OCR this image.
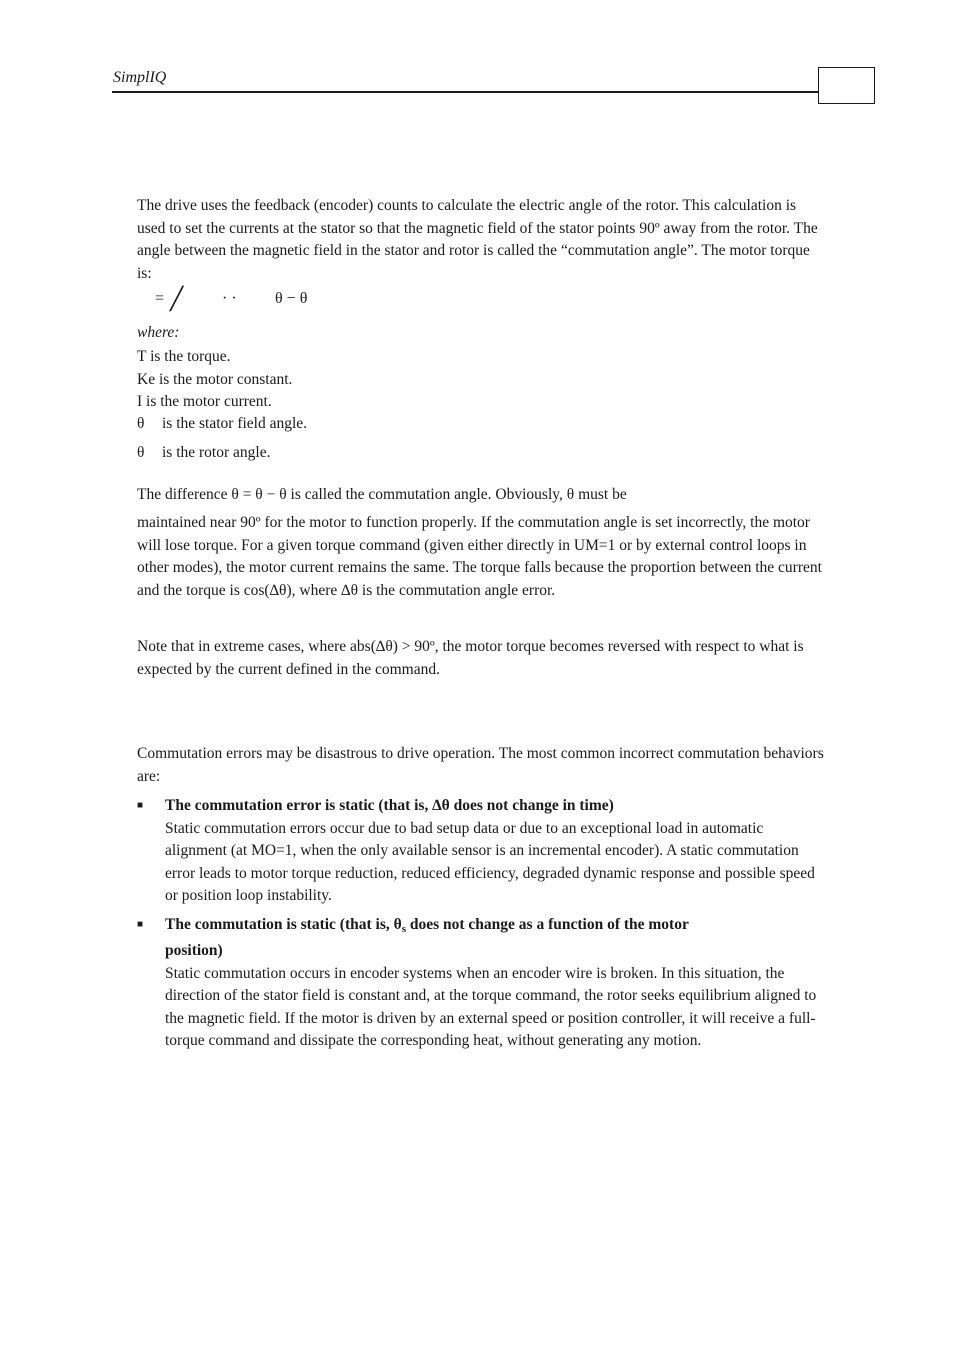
SimplIQ
The drive uses the feedback (encoder) counts to calculate the electric angle of the rotor. This calculation is used to set the currents at the stator so that the magnetic field of the stator points 90º away from the rotor. The angle between the magnetic field in the stator and rotor is called the “commutation angle”. The motor torque is:
= ╱ · · θ − θ
where:
T is the torque.
Ke is the motor constant.
I is the motor current.
θ is the stator field angle.
θ is the rotor angle.
The difference θ = θ − θ is called the commutation angle. Obviously, θ must be
maintained near 90º for the motor to function properly. If the commutation angle is set incorrectly, the motor will lose torque. For a given torque command (given either directly in UM=1 or by external control loops in other modes), the motor current remains the same. The torque falls because the proportion between the current and the torque is cos(∆θ), where ∆θ is the commutation angle error.
Note that in extreme cases, where abs(∆θ) > 90º, the motor torque becomes reversed with respect to what is expected by the current defined in the command.
Commutation errors may be disastrous to drive operation. The most common incorrect commutation behaviors are:
■ The commutation error is static (that is, ∆θ does not change in time)
Static commutation errors occur due to bad setup data or due to an exceptional load in automatic alignment (at MO=1, when the only available sensor is an incremental encoder). A static commutation error leads to motor torque reduction, reduced efficiency, degraded dynamic response and possible speed or position loop instability.
■ The commutation is static (that is, $\theta_s$ does not change as a function of the motor
position)
Static commutation occurs in encoder systems when an encoder wire is broken. In this situation, the direction of the stator field is constant and, at the torque command, the rotor seeks equilibrium aligned to the magnetic field. If the motor is driven by an external speed or position controller, it will receive a full-torque command and dissipate the corresponding heat, without generating any motion.
